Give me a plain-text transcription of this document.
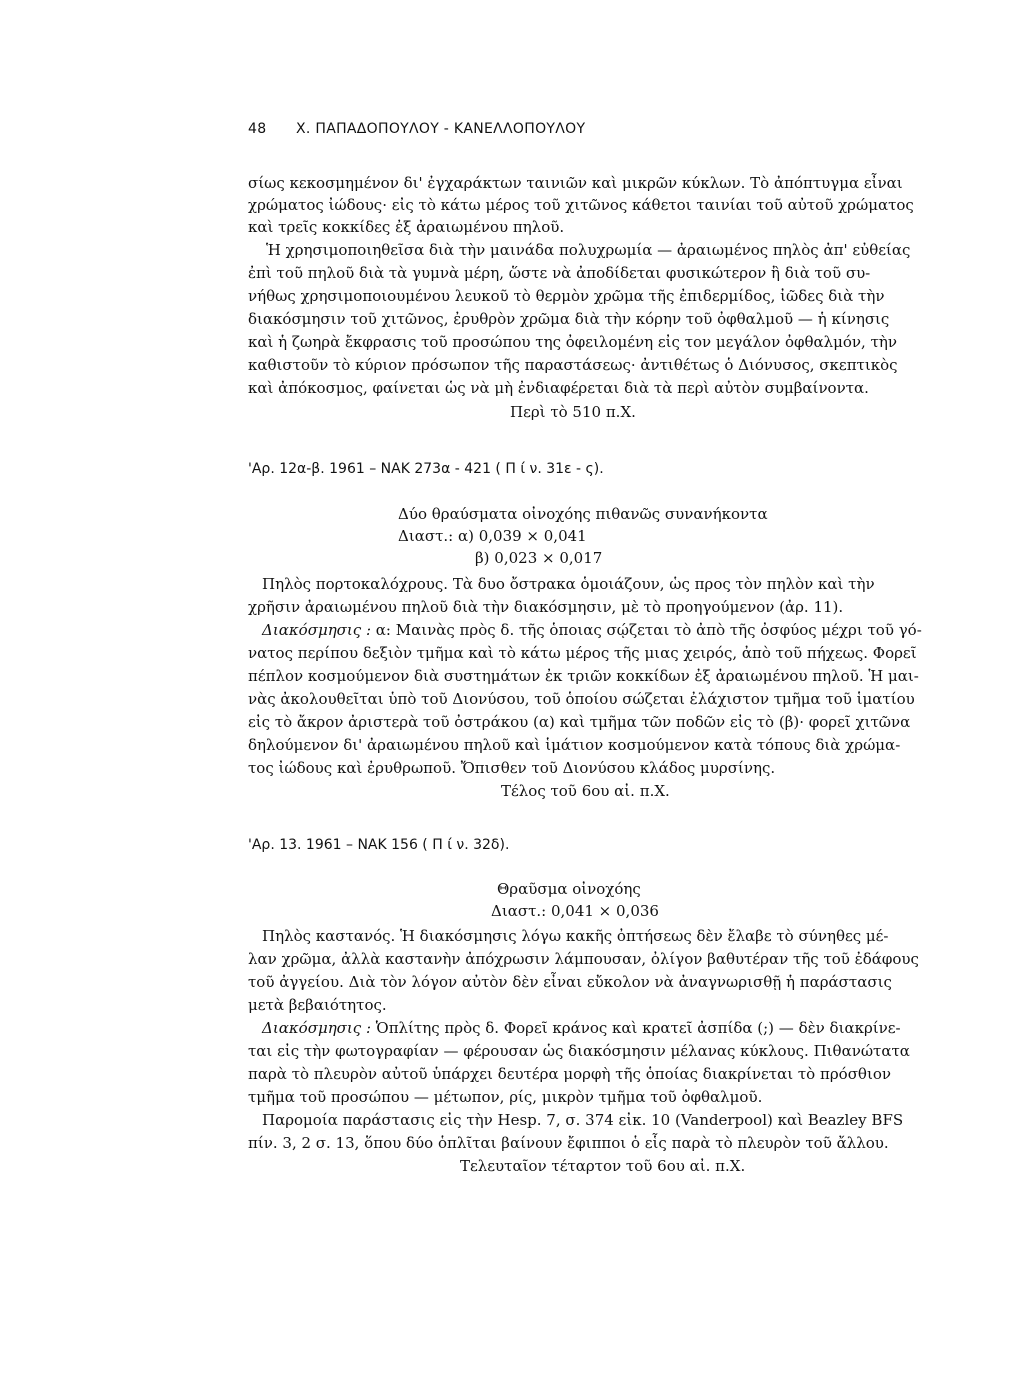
48 Χ. ΠΑΠΑΔΟΠΟΥΛΟΥ - ΚΑΝΕΛΛΟΠΟΥΛΟΥ
σίως κεκοσμημένον δι' ἐγχαράκτων ταινιῶν καὶ μικρῶν κύκλων. Τὸ ἀπόπτυγμα εἶναι
χρώματος ἰώδους· εἰς τὸ κάτω μέρος τοῦ χιτῶνος κάθετοι ταινίαι τοῦ αὐτοῦ χρώματος
καὶ τρεῖς κοκκίδες ἐξ ἀραιωμένου πηλοῦ.
Ἡ χρησιμοποιηθεῖσα διὰ τὴν μαινάδα πολυχρωμία — ἀραιωμένος πηλὸς ἀπ' εὐθείας
ἐπὶ τοῦ πηλοῦ διὰ τὰ γυμνὰ μέρη, ὥστε νὰ ἀποδίδεται φυσικώτερον ἢ διὰ τοῦ συ-
νήθως χρησιμοποιουμένου λευκοῦ τὸ θερμὸν χρῶμα τῆς ἐπιδερμίδος, ἰῶδες διὰ τὴν
διακόσμησιν τοῦ χιτῶνος, ἐρυθρὸν χρῶμα διὰ τὴν κόρην τοῦ ὀφθαλμοῦ — ἡ κίνησις
καὶ ἡ ζωηρὰ ἔκφρασις τοῦ προσώπου της ὀφειλομένη εἰς τον μεγάλον ὀφθαλμόν, τὴν
καθιστοῦν τὸ κύριον πρόσωπον τῆς παραστάσεως· ἀντιθέτως ὁ Διόνυσος, σκεπτικὸς
καὶ ἀπόκοσμος, φαίνεται ὡς νὰ μὴ ἐνδιαφέρεται διὰ τὰ περὶ αὐτὸν συμβαίνοντα.
Περὶ τὸ 510 π.Χ.
'Αρ. 12α-β. 1961 – ΝΑΚ 273α - 421 ( Π ί ν. 31ε - ς).
Δύο θραύσματα οἰνοχόης πιθανῶς συνανήκοντα
Διαστ.: α) 0,039 × 0,041
β) 0,023 × 0,017
Πηλὸς πορτοκαλόχρους. Τὰ δυο ὄστρακα ὁμοιάζουν, ὡς προς τὸν πηλὸν καὶ τὴν
χρῆσιν ἀραιωμένου πηλοῦ διὰ τὴν διακόσμησιν, μὲ τὸ προηγούμενον (ἀρ. 11).
Διακόσμησις : α: Μαινὰς πρὸς δ. τῆς ὁποιας σῴζεται τὸ ἀπὸ τῆς ὀσφύος μέχρι τοῦ γό-
νατος περίπου δεξιὸν τμῆμα καὶ τὸ κάτω μέρος τῆς μιας χειρός, ἀπὸ τοῦ πήχεως. Φορεῖ
πέπλον κοσμούμενον διὰ συστημάτων ἐκ τριῶν κοκκίδων ἐξ ἀραιωμένου πηλοῦ. Ἡ μαι-
νὰς ἀκολουθεῖται ὑπὸ τοῦ Διονύσου, τοῦ ὁποίου σώζεται ἐλάχιστον τμῆμα τοῦ ἱματίου
εἰς τὸ ἄκρον ἀριστερὰ τοῦ ὀστράκου (α) καὶ τμῆμα τῶν ποδῶν εἰς τὸ (β)· φορεῖ χιτῶνα
δηλούμενον δι' ἀραιωμένου πηλοῦ καὶ ἱμάτιον κοσμούμενον κατὰ τόπους διὰ χρώμα-
τος ἰώδους καὶ ἐρυθρωποῦ. Ὄπισθεν τοῦ Διονύσου κλάδος μυρσίνης.
Τέλος τοῦ 6ου αἰ. π.Χ.
'Αρ. 13. 1961 – ΝΑΚ 156 ( Π ί ν. 32δ).
Θραῦσμα οἰνοχόης
Διαστ.: 0,041 × 0,036
Πηλὸς καστανός. Ἡ διακόσμησις λόγω κακῆς ὀπτήσεως δὲν ἔλαβε τὸ σύνηθες μέ-
λαν χρῶμα, ἀλλὰ καστανὴν ἀπόχρωσιν λάμπουσαν, ὀλίγον βαθυτέραν τῆς τοῦ ἐδάφους
τοῦ ἀγγείου. Διὰ τὸν λόγον αὐτὸν δὲν εἶναι εὔκολον νὰ ἀναγνωρισθῇ ἡ παράστασις
μετὰ βεβαιότητος.
Διακόσμησις : Ὁπλίτης πρὸς δ. Φορεῖ κράνος καὶ κρατεῖ ἀσπίδα (;) — δὲν διακρίνε-
ται εἰς τὴν φωτογραφίαν — φέρουσαν ὡς διακόσμησιν μέλανας κύκλους. Πιθανώτατα
παρὰ τὸ πλευρὸν αὐτοῦ ὑπάρχει δευτέρα μορφὴ τῆς ὁποίας διακρίνεται τὸ πρόσθιον
τμῆμα τοῦ προσώπου — μέτωπον, ρίς, μικρὸν τμῆμα τοῦ ὀφθαλμοῦ.
Παρομοία παράστασις εἰς τὴν Hesp. 7, σ. 374 εἰκ. 10 (Vanderpool) καὶ Beazley BFS
πίν. 3, 2 σ. 13, ὅπου δύο ὁπλῖται βαίνουν ἔφιπποι ὁ εἷς παρὰ τὸ πλευρὸν τοῦ ἄλλου.
Τελευταῖον τέταρτον τοῦ 6ου αἰ. π.Χ.
